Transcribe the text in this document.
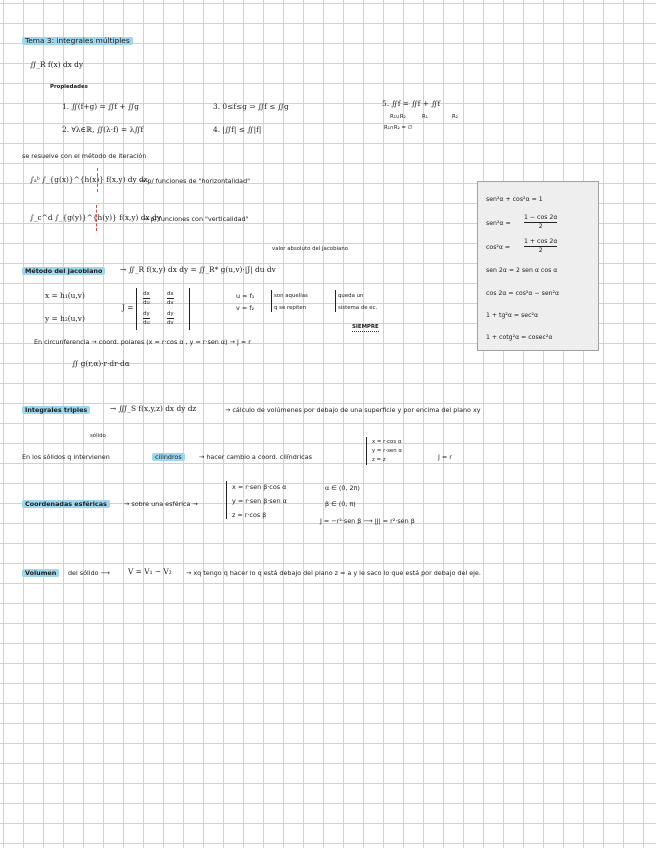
Tema 3: integrales múltiples
∬_R f(x) dx dy
Propiedades
1. ∬(f+g) = ∬f + ∬g
2. ∀λ∈ℝ, ∬(λ·f) = λ∬f
3. 0≤f≤g ⇒ ∬f ≤ ∬g
4. |∬f| ≤ ∬|f|
5. ∬f = ∬f + ∬f
R₁∪R₂	R₁	R₂
R₁∩R₂ = ∅
se resuelve con el método de iteración
∫ₐᵇ ∫_{g(x)}^{h(x)} f(x,y) dy dx
→ p/ funciones de "horizontalidad"
∫_c^d ∫_{g(y)}^{h(y)} f(x,y) dx dy
→ p/ funciones con "verticalidad"
sen²α + cos²α = 1
$sen^2\alpha = \frac{1 - \cos 2\alpha}{2}$
$\cos^2\alpha = \frac{1 + \cos 2\alpha}{2}$
sen 2α = 2 sen α cos α
cos 2α = cos²α − sen²α
1 + tg²α = sec²α
1 + cotg²α = cosec²α
valor absoluto del jacobiano
Método del jacobiano	→ ∬_R f(x,y) dx dy = ∬_R* g(u,v)·|J| du dv
x = h₁(u,v)
y = h₂(u,v)
J =
$\frac{dx}{du}$	$\frac{dx}{dv}$
$\frac{dy}{du}$	$\frac{dy}{dv}$
u = f₁
v = f₂
son aquellas
q se repiten
queda un
sistema de ec.
SIEMPRE
En circunferencia → coord. polares (x = r·cos α , y = r·sen α) → J = r
∬ g(r,α)·r·dr·dα
Integrales triples	→ ∭_S f(x,y,z) dx dy dz	→ cálculo de volúmenes por debajo de una superficie y por encima del plano xy
sólido
En los sólidos q intervienen	cilindros	→ hacer cambio a coord. cilíndricas
x = r·cos α
y = r·sen α
z = z	J = r
Coordenadas esféricas	→ sobre una esférica →
x = r·sen β·cos α
y = r·sen β·sen α
z = r·cos β
α ∈ (0, 2π)
β ∈ (0, π)
J = −r²·sen β ⟶ |J| = r²·sen β
Volumen	del sólido ⟶ V = V₁ − V₂ → xq tengo q hacer lo q está debajo del plano z = a y le saco lo que está por debajo del eje.
